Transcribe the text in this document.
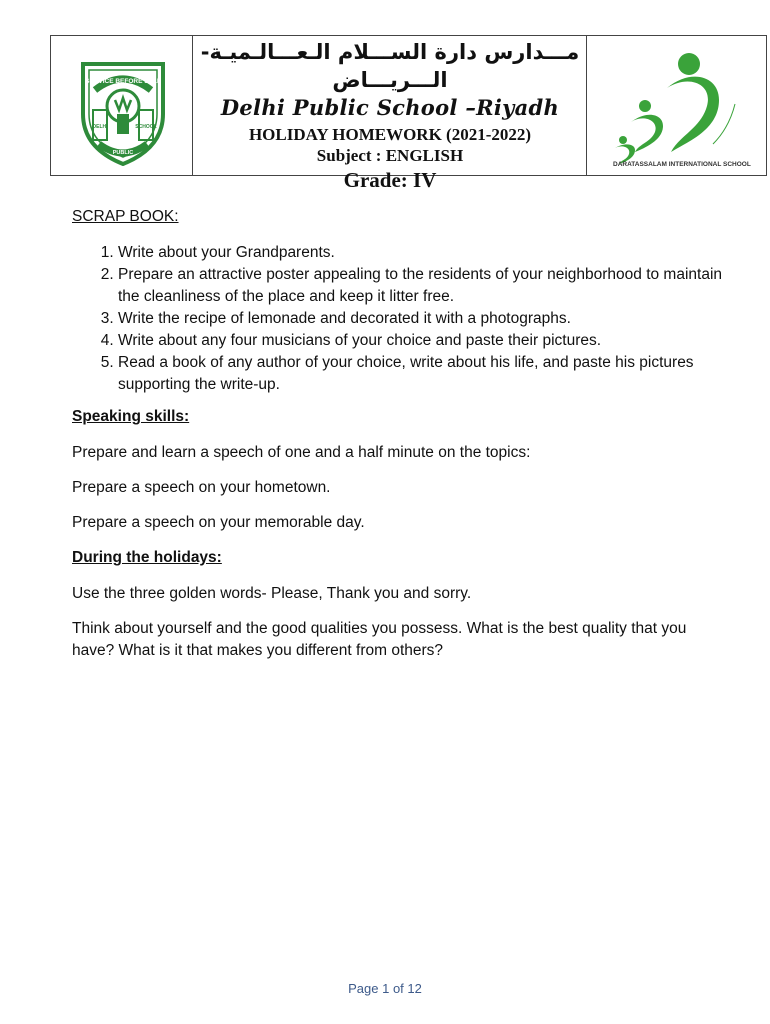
SERVICE BEFORE SELF
DELHI
PUBLIC
SCHOOL
مـــدارس دارة الســـلام الـعـــالـميـة- الـــريـــاض
Delhi Public School –Riyadh
HOLIDAY HOMEWORK (2021-2022)
Subject : ENGLISH
Grade: IV
DARATASSALAM INTERNATIONAL SCHOOL
SCRAP BOOK:
1. Write about your Grandparents.
2. Prepare an attractive poster appealing to the residents of your neighborhood to maintain the cleanliness of the place and keep it litter free.
3. Write the recipe of lemonade and decorated it with a photographs.
4. Write about any four musicians of your choice and paste their pictures.
5. Read a book of any author of your choice, write about his life, and paste his pictures supporting the write-up.
Speaking skills:

Prepare and learn a speech of one and a half minute on the topics:

Prepare a speech on your hometown.

Prepare a speech on your memorable day.

During the holidays:

Use the three golden words- Please, Thank you and sorry.

Think about yourself and the good qualities you possess. What is the best quality that you have? What is it that makes you different from others?

Page 1 of 12
